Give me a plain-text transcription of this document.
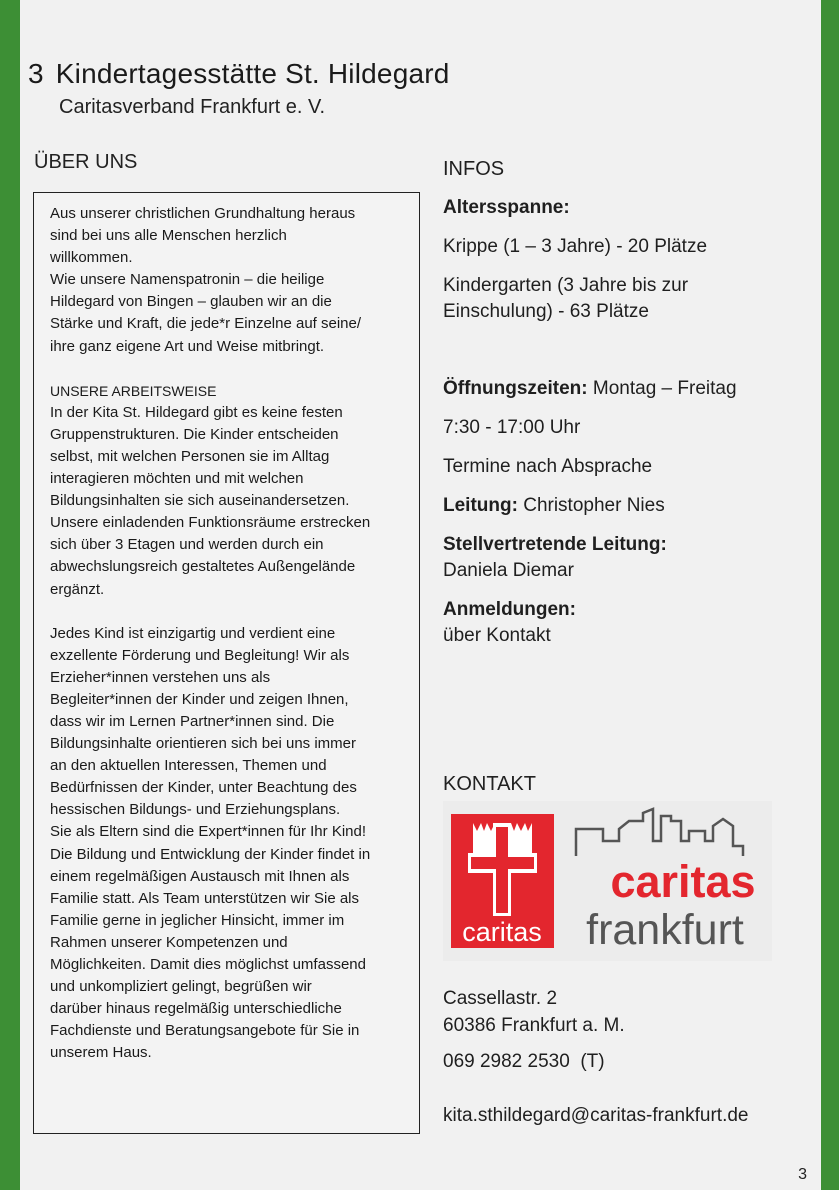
3 Kindertagesstätte St. Hildegard
Caritasverband Frankfurt e. V.
ÜBER UNS

Aus unserer christlichen Grundhaltung heraus

sind bei uns alle Menschen herzlich

willkommen.

Wie unsere Namenspatronin – die heilige

Hildegard von Bingen – glauben wir an die

Stärke und Kraft, die jede*r Einzelne auf seine/

ihre ganz eigene Art und Weise mitbringt.

UNSERE ARBEITSWEISE

In der Kita St. Hildegard gibt es keine festen

Gruppenstrukturen. Die Kinder entscheiden

selbst, mit welchen Personen sie im Alltag

interagieren möchten und mit welchen

Bildungsinhalten sie sich auseinandersetzen.

Unsere einladenden Funktionsräume erstrecken

sich über 3 Etagen und werden durch ein

abwechslungsreich gestaltetes Außengelände

ergänzt.

Jedes Kind ist einzigartig und verdient eine

exzellente Förderung und Begleitung! Wir als

Erzieher*innen verstehen uns als

Begleiter*innen der Kinder und zeigen Ihnen,

dass wir im Lernen Partner*innen sind. Die

Bildungsinhalte orientieren sich bei uns immer

an den aktuellen Interessen, Themen und

Bedürfnissen der Kinder, unter Beachtung des

hessischen Bildungs- und Erziehungsplans.

Sie als Eltern sind die Expert*innen für Ihr Kind!

Die Bildung und Entwicklung der Kinder findet in

einem regelmäßigen Austausch mit Ihnen als

Familie statt. Als Team unterstützen wir Sie als

Familie gerne in jeglicher Hinsicht, immer im

Rahmen unserer Kompetenzen und

Möglichkeiten. Damit dies möglichst umfassend

und unkompliziert gelingt, begrüßen wir

darüber hinaus regelmäßig unterschiedliche

Fachdienste und Beratungsangebote für Sie in

unserem Haus.

INFOS
Altersspanne:
Krippe (1 – 3 Jahre) - 20 Plätze
Kindergarten (3 Jahre bis zur
Einschulung) - 63 Plätze
Öffnungszeiten: Montag – Freitag
7:30 - 17:00 Uhr
Termine nach Absprache
Leitung: Christopher Nies
Stellvertretende Leitung:
Daniela Diemar
Anmeldungen:
über Kontakt
KONTAKT
caritas
caritas
frankfurt
Cassellastr. 2
60386 Frankfurt a. M.
069 2982 2530  (T)
kita.sthildegard@caritas-frankfurt.de
3
